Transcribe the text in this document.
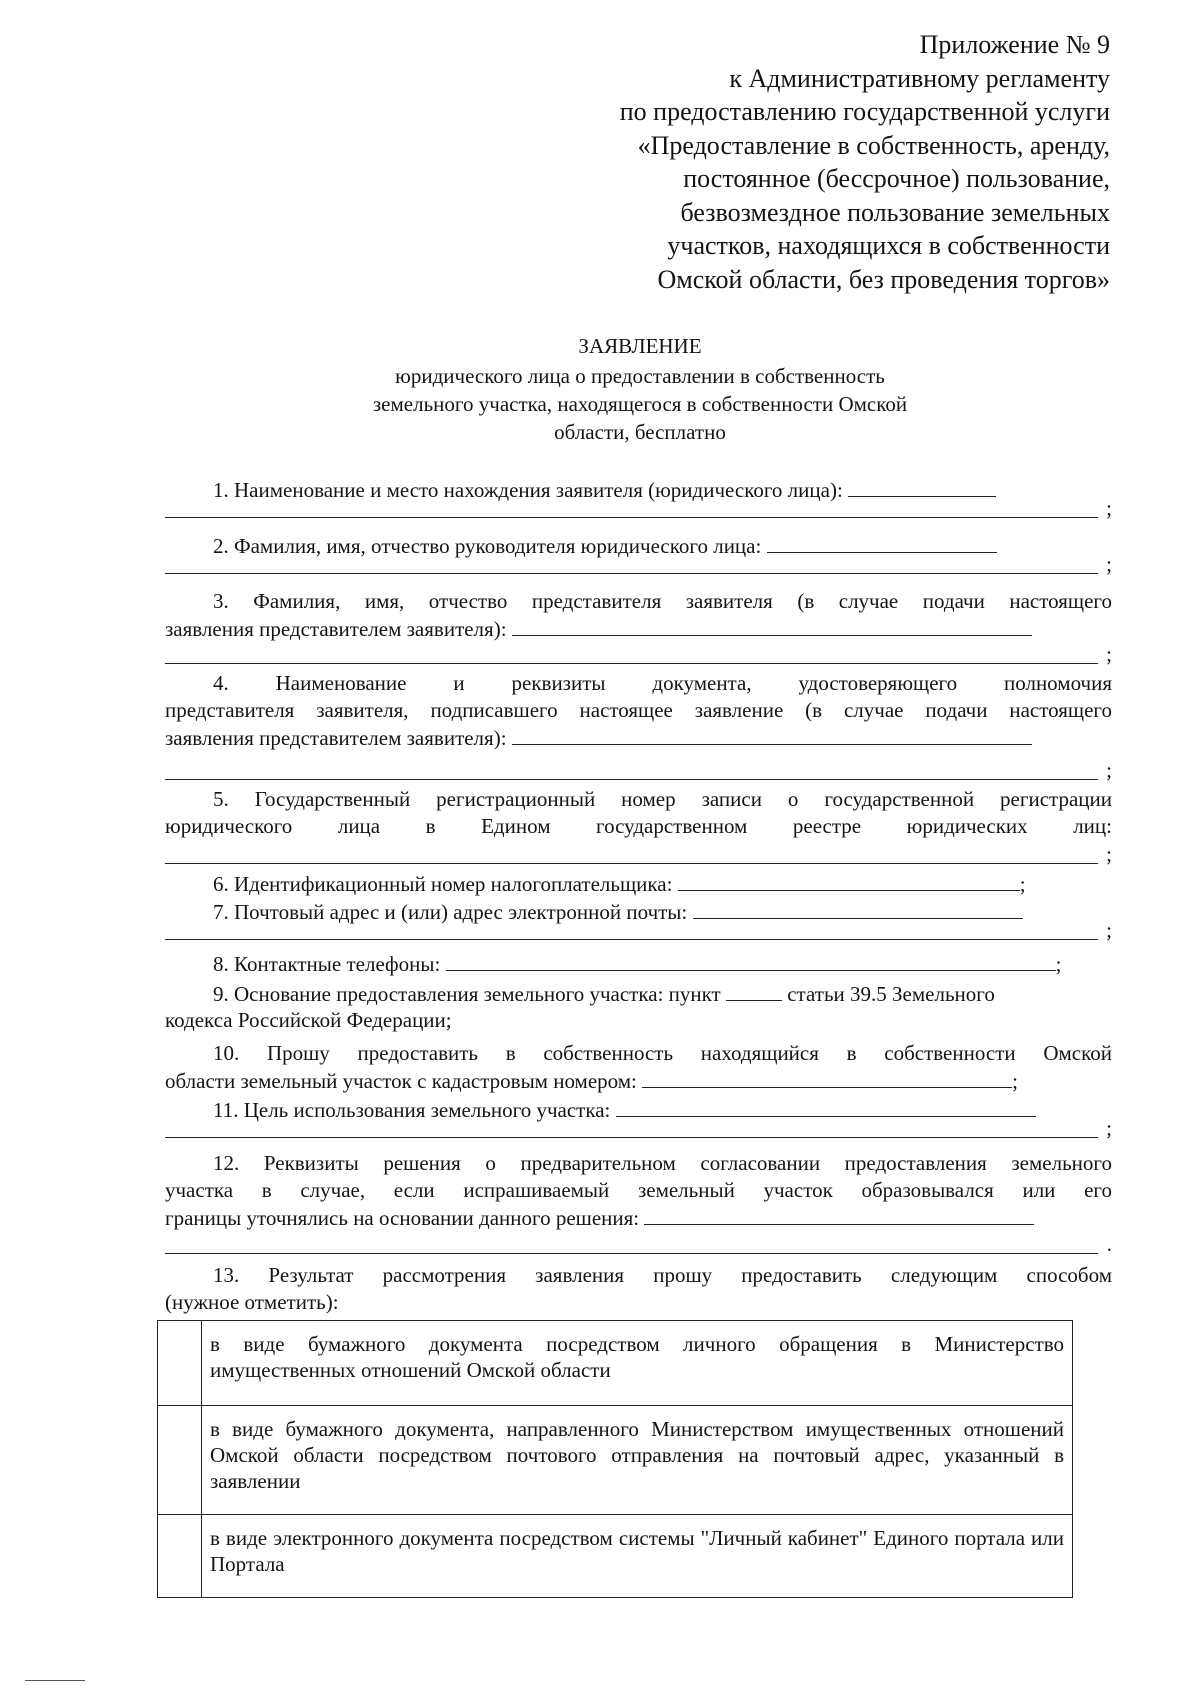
Приложение № 9
к Административному регламенту
по предоставлению государственной услуги
«Предоставление в собственность, аренду,
постоянное (бессрочное) пользование,
безвозмездное пользование земельных
участков, находящихся в собственности
Омской области, без проведения торгов»
ЗАЯВЛЕНИЕ
юридического лица о предоставлении в собственность
земельного участка, находящегося в собственности Омской
области, бесплатно
1. Наименование и место нахождения заявителя (юридического лица):
;
2. Фамилия, имя, отчество руководителя юридического лица:
;
3. Фамилия, имя, отчество представителя заявителя (в случае подачи настоящего
заявления представителем заявителя):
;
4. Наименование и реквизиты документа, удостоверяющего полномочия
представителя заявителя, подписавшего настоящее заявление (в случае подачи настоящего
заявления представителем заявителя):
;
5. Государственный регистрационный номер записи о государственной регистрации
юридического лица в Едином государственном реестре юридических лиц:
;
6. Идентификационный номер налогоплательщика:	;
7. Почтовый адрес и (или) адрес электронной почты:
;
8. Контактные телефоны:	;
9. Основание предоставления земельного участка: пункт	статьи 39.5 Земельного
кодекса Российской Федерации;
10. Прошу предоставить в собственность находящийся в собственности Омской
области земельный участок с кадастровым номером:	;
11. Цель использования земельного участка:
;
12. Реквизиты решения о предварительном согласовании предоставления земельного
участка в случае, если испрашиваемый земельный участок образовывался или его
границы уточнялись на основании данного решения:
.
13. Результат рассмотрения заявления прошу предоставить следующим способом
(нужное отметить):
	в виде бумажного документа посредством личного обращения в Министерство имущественных отношений Омской области
	в виде бумажного документа, направленного Министерством имущественных отношений Омской области посредством почтового отправления на почтовый адрес, указанный в заявлении
	в виде электронного документа посредством системы "Личный кабинет" Единого портала или Портала
